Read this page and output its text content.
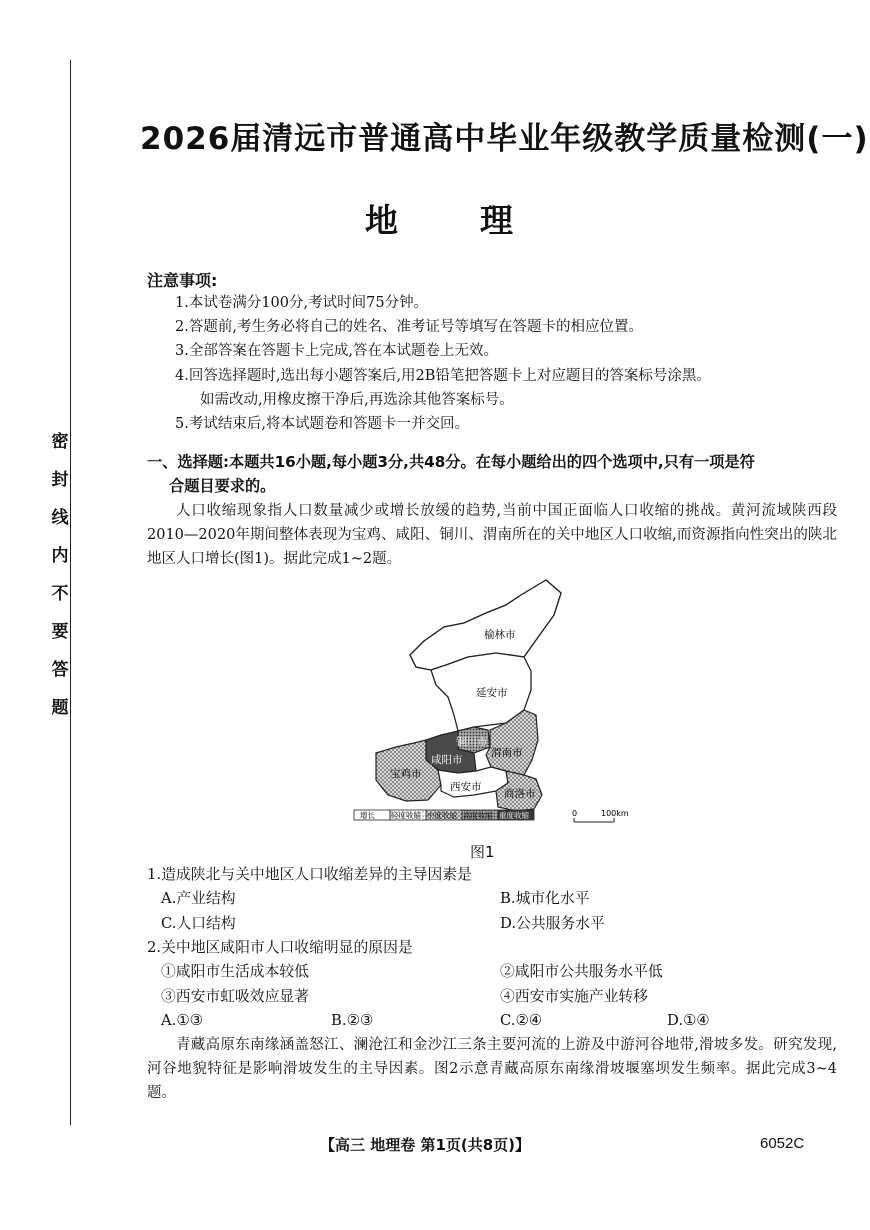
密
封
线
内
不
要
答
题
2026届清远市普通高中毕业年级教学质量检测(一)
地理
注意事项:
1.本试卷满分100分,考试时间75分钟。
2.答题前,考生务必将自己的姓名、准考证号等填写在答题卡的相应位置。
3.全部答案在答题卡上完成,答在本试题卷上无效。
4.回答选择题时,选出每小题答案后,用2B铅笔把答题卡上对应题目的答案标号涂黑。
如需改动,用橡皮擦干净后,再选涂其他答案标号。
5.考试结束后,将本试题卷和答题卡一并交回。
一、选择题:本题共16小题,每小题3分,共48分。在每小题给出的四个选项中,只有一项是符
合题目要求的。
人口收缩现象指人口数量减少或增长放缓的趋势,当前中国正面临人口收缩的挑战。黄河流域陕西段2010—2020年期间整体表现为宝鸡、咸阳、铜川、渭南所在的关中地区人口收缩,而资源指向性突出的陕北地区人口增长(图1)。据此完成1~2题。
榆林市
延安市
铜川市
咸阳市
渭南市
宝鸡市
西安市
商洛市
增长 轻度收缩 中度收缩 高度收缩 重度收缩	0	100km
图1
1.造成陕北与关中地区人口收缩差异的主导因素是
A.产业结构	B.城市化水平
C.人口结构	D.公共服务水平
2.关中地区咸阳市人口收缩明显的原因是
①咸阳市生活成本较低	②咸阳市公共服务水平低
③西安市虹吸效应显著	④西安市实施产业转移
A.①③	B.②③	C.②④	D.①④
青藏高原东南缘涵盖怒江、澜沧江和金沙江三条主要河流的上游及中游河谷地带,滑坡多发。研究发现,河谷地貌特征是影响滑坡发生的主导因素。图2示意青藏高原东南缘滑坡堰塞坝发生频率。据此完成3~4题。
【高三 地理卷 第1页(共8页)】	6052C
